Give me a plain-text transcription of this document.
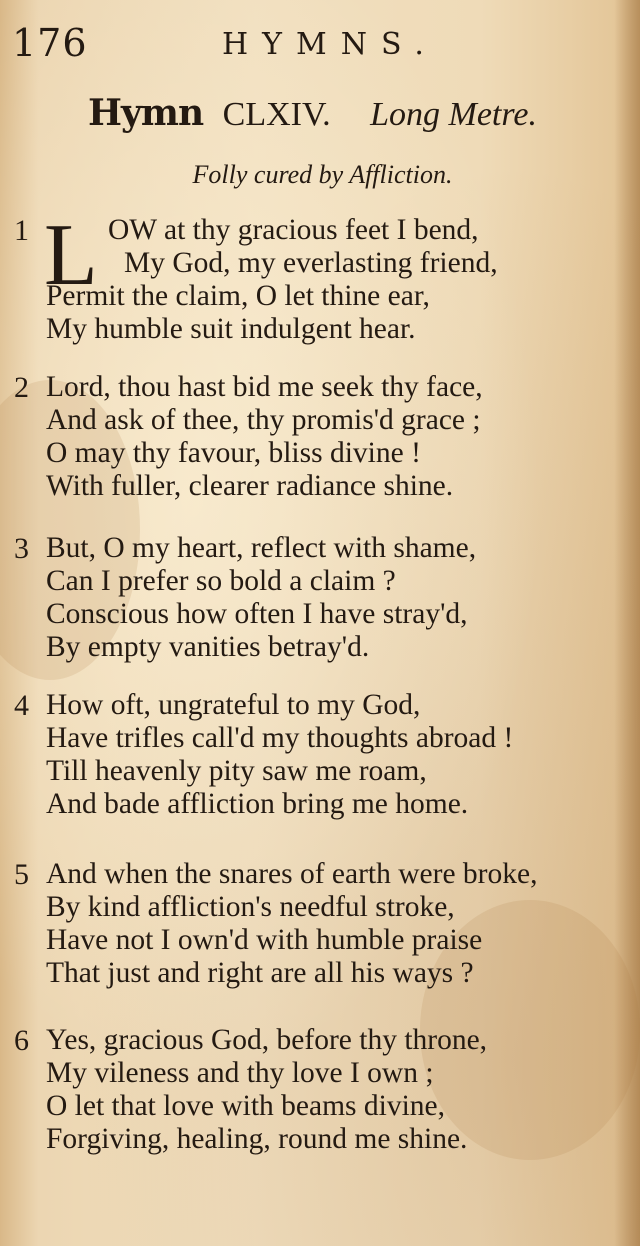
176	HYMNS.
Hymn CLXIV. Long Metre.
Folly cured by Affliction.
1 L OW at thy gracious feet I bend,
My God, my everlasting friend,
Permit the claim, O let thine ear,
My humble suit indulgent hear.
2 Lord, thou hast bid me seek thy face,
And ask of thee, thy promis'd grace ;
O may thy favour, bliss divine !
With fuller, clearer radiance shine.
3 But, O my heart, reflect with shame,
Can I prefer so bold a claim ?
Conscious how often I have stray'd,
By empty vanities betray'd.
4 How oft, ungrateful to my God,
Have trifles call'd my thoughts abroad !
Till heavenly pity saw me roam,
And bade affliction bring me home.
5 And when the snares of earth were broke,
By kind affliction's needful stroke,
Have not I own'd with humble praise
That just and right are all his ways ?
6 Yes, gracious God, before thy throne,
My vileness and thy love I own ;
O let that love with beams divine,
Forgiving, healing, round me shine.
